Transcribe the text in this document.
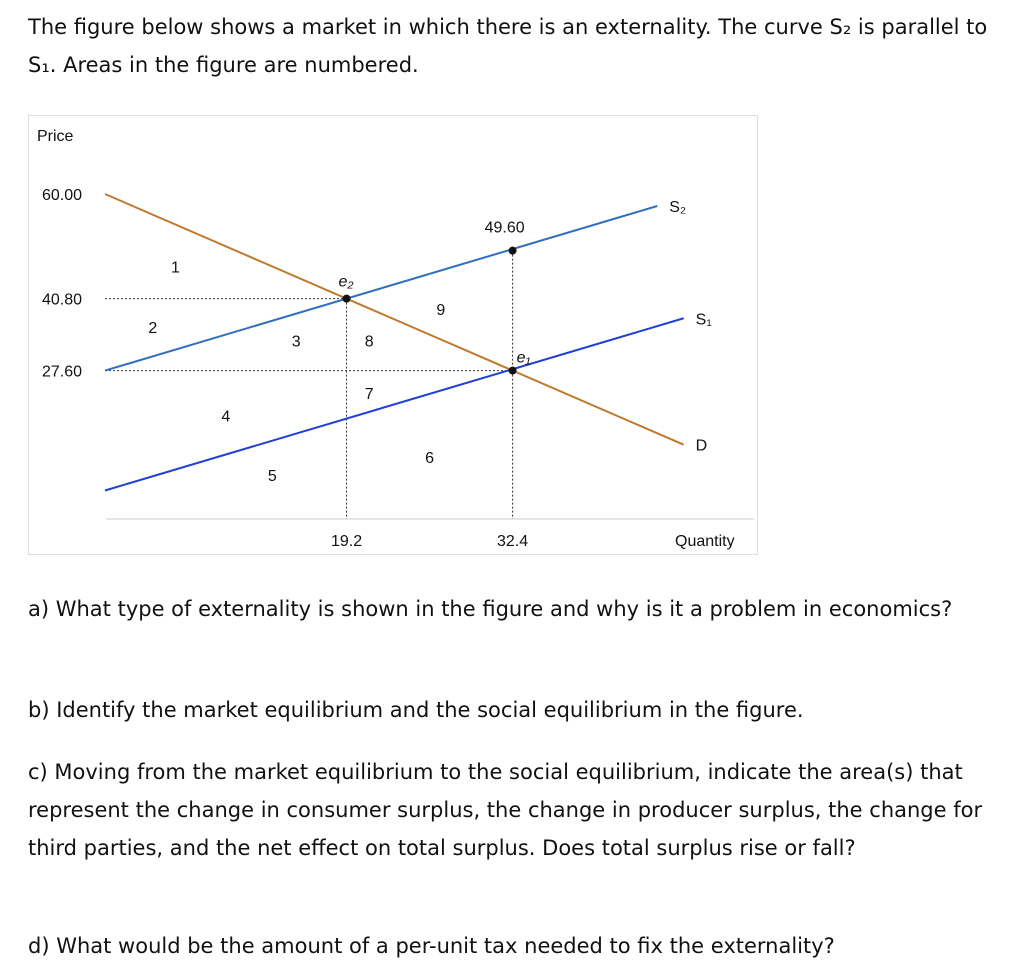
The figure below shows a market in which there is an externality. The curve S₂ is parallel to S₁. Areas in the figure are numbered.

Price
Quantity
60.00
40.80
27.60
19.2	32.4
D
S₂
S₁
e₂
e₁
49.60
1
2
3	8
9
7
4
6
5

a) What type of externality is shown in the figure and why is it a problem in economics?

b) Identify the market equilibrium and the social equilibrium in the figure.

c) Moving from the market equilibrium to the social equilibrium, indicate the area(s) that represent the change in consumer surplus, the change in producer surplus, the change for third parties, and the net effect on total surplus. Does total surplus rise or fall?

d) What would be the amount of a per-unit tax needed to fix the externality?
